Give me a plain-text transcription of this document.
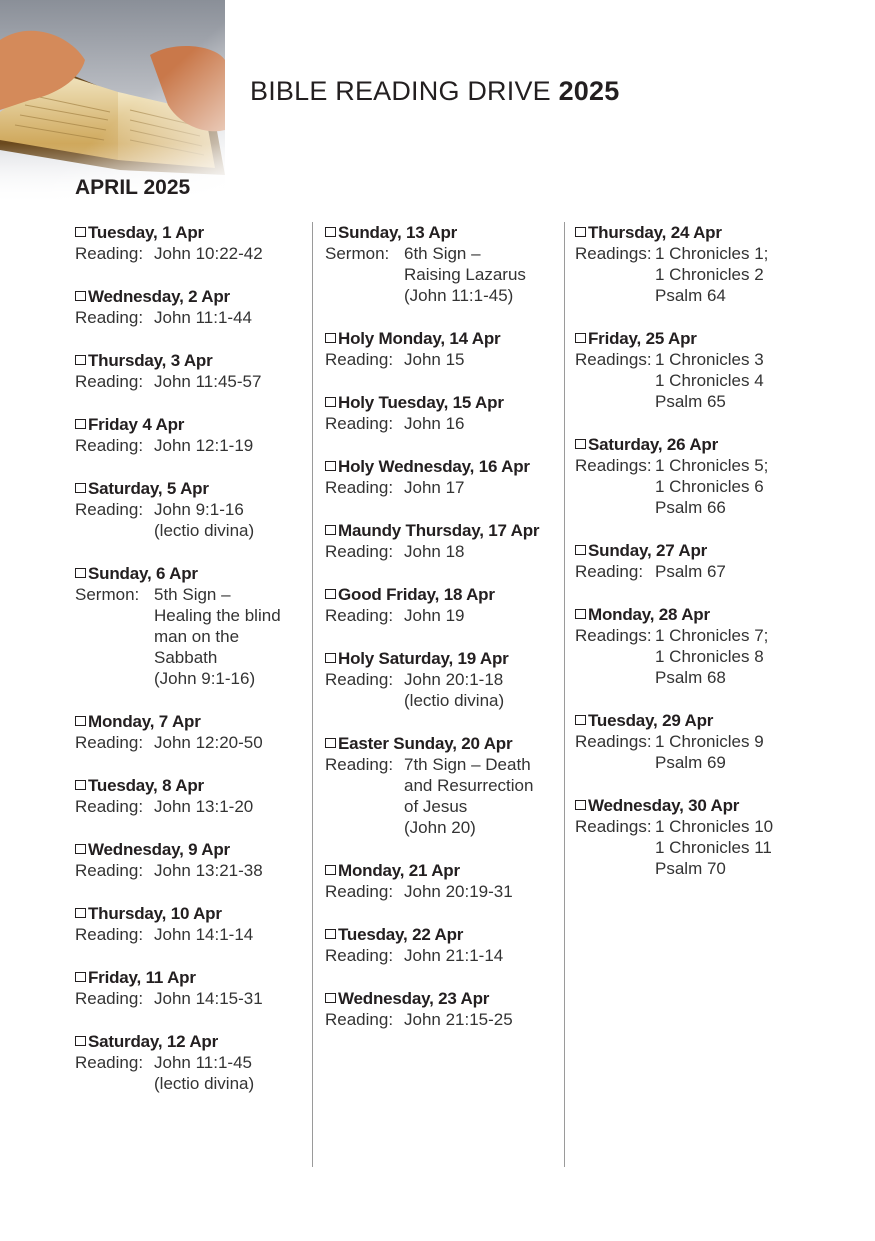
BIBLE READING DRIVE 2025
APRIL 2025
Tuesday, 1 Apr
Reading: John 10:22-42
Wednesday, 2 Apr
Reading: John 11:1-44
Thursday, 3 Apr
Reading: John 11:45-57
Friday 4 Apr
Reading: John 12:1-19
Saturday, 5 Apr
Reading: John 9:1-16
(lectio divina)
Sunday, 6 Apr
Sermon: 5th Sign –
Healing the blind
man on the
Sabbath
(John 9:1-16)
Monday, 7 Apr
Reading: John 12:20-50
Tuesday, 8 Apr
Reading: John 13:1-20
Wednesday, 9 Apr
Reading: John 13:21-38
Thursday, 10 Apr
Reading: John 14:1-14
Friday, 11 Apr
Reading: John 14:15-31
Saturday, 12 Apr
Reading: John 11:1-45
(lectio divina)
Sunday, 13 Apr
Sermon: 6th Sign –
Raising Lazarus
(John 11:1-45)
Holy Monday, 14 Apr
Reading: John 15
Holy Tuesday, 15 Apr
Reading: John 16
Holy Wednesday, 16 Apr
Reading: John 17
Maundy Thursday, 17 Apr
Reading: John 18
Good Friday, 18 Apr
Reading: John 19
Holy Saturday, 19 Apr
Reading: John 20:1-18
(lectio divina)
Easter Sunday, 20 Apr
Reading: 7th Sign – Death
and Resurrection
of Jesus
(John 20)
Monday, 21 Apr
Reading: John 20:19-31
Tuesday, 22 Apr
Reading: John 21:1-14
Wednesday, 23 Apr
Reading: John 21:15-25
Thursday, 24 Apr
Readings: 1 Chronicles 1;
1 Chronicles 2
Psalm 64
Friday, 25 Apr
Readings: 1 Chronicles 3
1 Chronicles 4
Psalm 65
Saturday, 26 Apr
Readings: 1 Chronicles 5;
1 Chronicles 6
Psalm 66
Sunday, 27 Apr
Reading: Psalm 67
Monday, 28 Apr
Readings: 1 Chronicles 7;
1 Chronicles 8
Psalm 68
Tuesday, 29 Apr
Readings: 1 Chronicles 9
Psalm 69
Wednesday, 30 Apr
Readings: 1 Chronicles 10
1 Chronicles 11
Psalm 70
